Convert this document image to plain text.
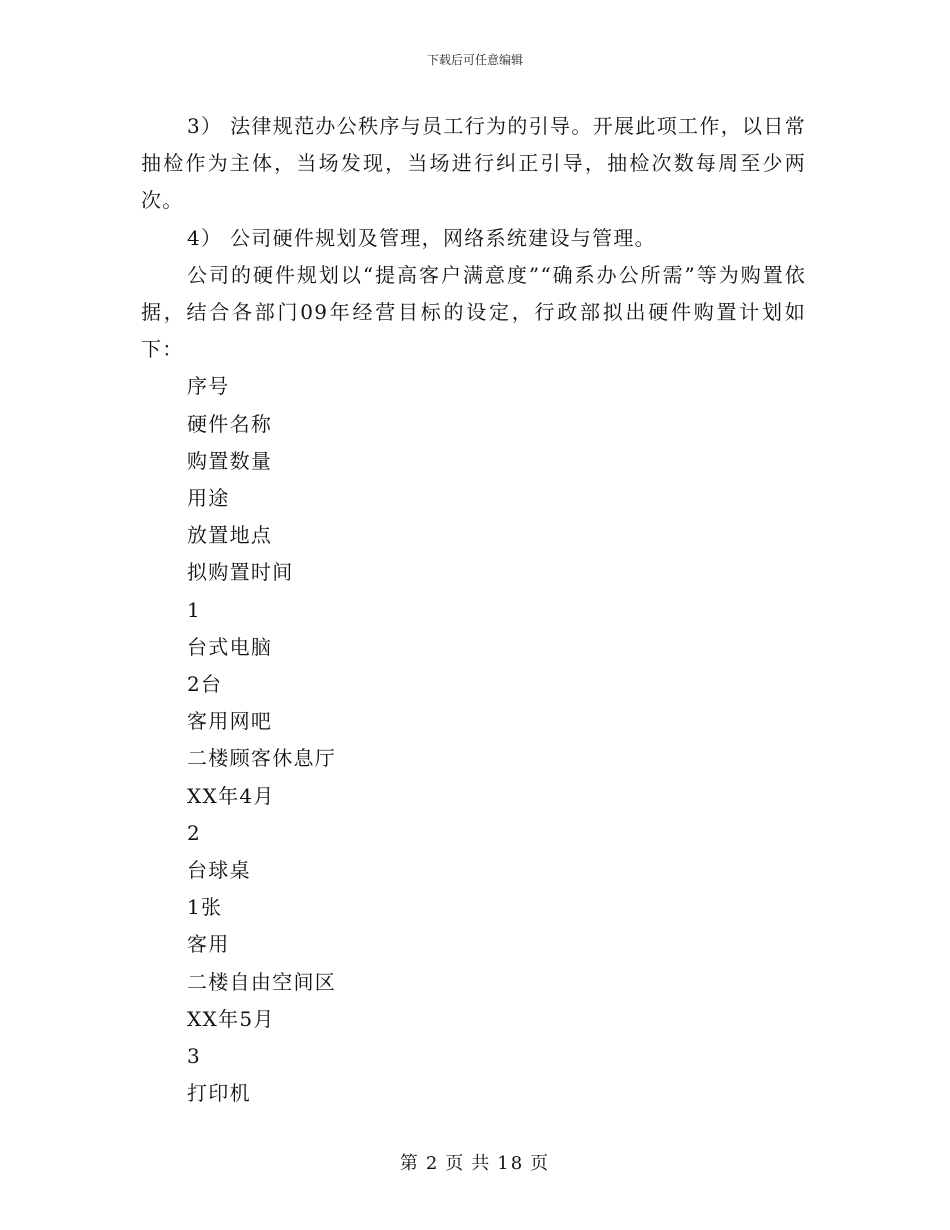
下载后可任意编辑

3） 法律规范办公秩序与员工行为的引导。开展此项工作，以日常抽检作为主体，当场发现，当场进行纠正引导，抽检次数每周至少两次。

4） 公司硬件规划及管理，网络系统建设与管理。

公司的硬件规划以“提高客户满意度”“确系办公所需”等为购置依据，结合各部门09年经营目标的设定，行政部拟出硬件购置计划如下：

序号
硬件名称
购置数量
用途
放置地点
拟购置时间
1
台式电脑
2台
客用网吧
二楼顾客休息厅
XX年4月
2
台球桌
1张
客用
二楼自由空间区
XX年5月
3
打印机
第 2 页 共 18 页
